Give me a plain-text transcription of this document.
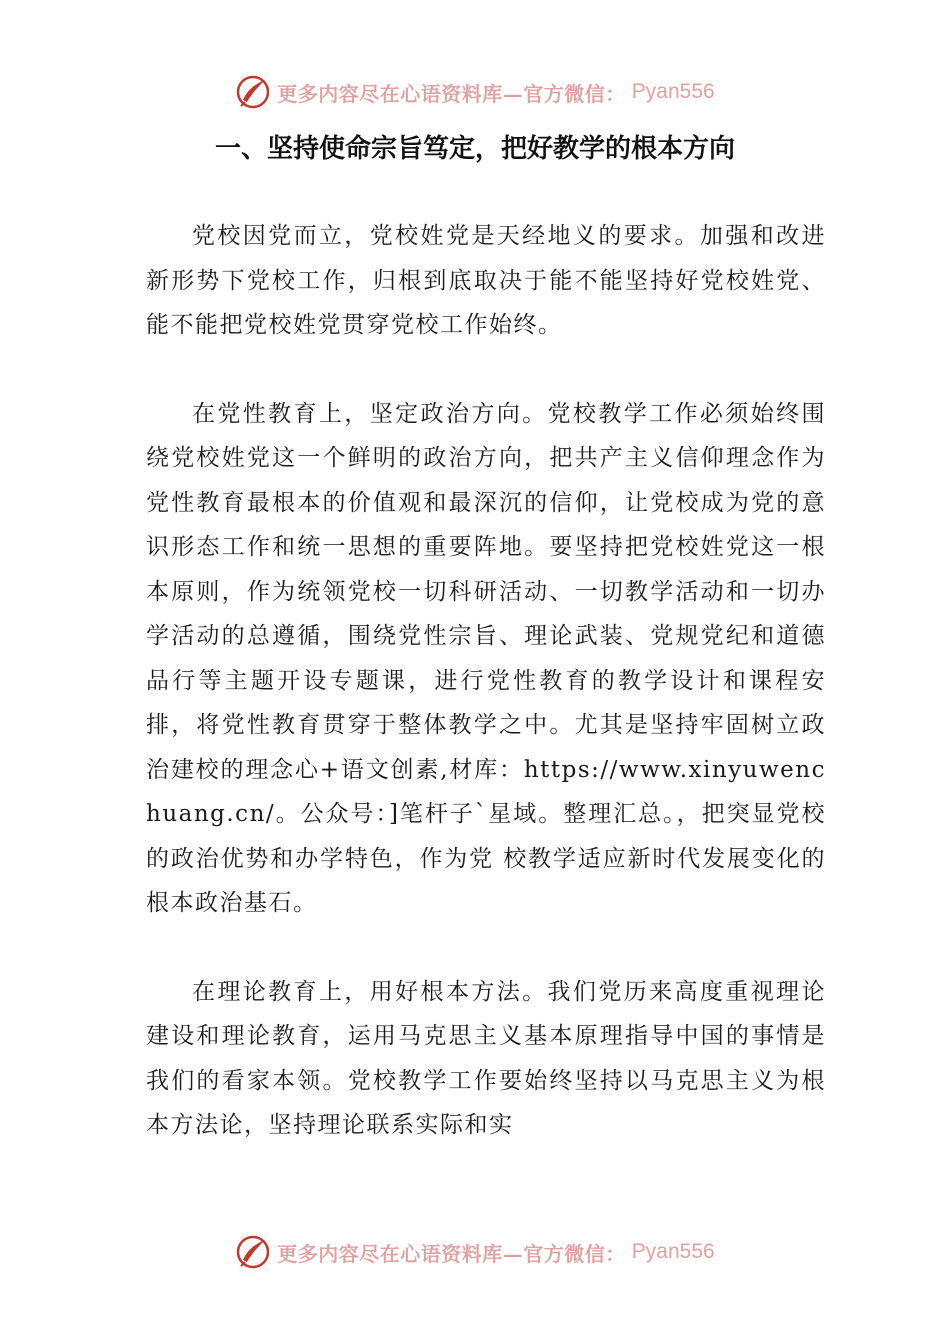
更多内容尽在心语资料库—官方微信： Pyan556
一、坚持使命宗旨笃定，把好教学的根本方向

党校因党而立，党校姓党是天经地义的要求。加强和改进新形势下党校工作，归根到底取决于能不能坚持好党校姓党、能不能把党校姓党贯穿党校工作始终。

在党性教育上，坚定政治方向。党校教学工作必须始终围绕党校姓党这一个鲜明的政治方向，把共产主义信仰理念作为党性教育最根本的价值观和最深沉的信仰，让党校成为党的意识形态工作和统一思想的重要阵地。要坚持把党校姓党这一根本原则，作为统领党校一切科研活动、一切教学活动和一切办学活动的总遵循，围绕党性宗旨、理论武装、党规党纪和道德品行等主题开设专题课，进行党性教育的教学设计和课程安排，将党性教育贯穿于整体教学之中。尤其是坚持牢固树立政治建校的理念心+语文创素,材库：https://www.xinyuwenchuang.cn/。公众号：]笔杆子`星域。整理汇总。，把突显党校的政治优势和办学特色，作为党 校教学适应新时代发展变化的根本政治基石。

在理论教育上，用好根本方法。我们党历来高度重视理论建设和理论教育，运用马克思主义基本原理指导中国的事情是我们的看家本领。党校教学工作要始终坚持以马克思主义为根本方法论，坚持理论联系实际和实

更多内容尽在心语资料库—官方微信： Pyan556
